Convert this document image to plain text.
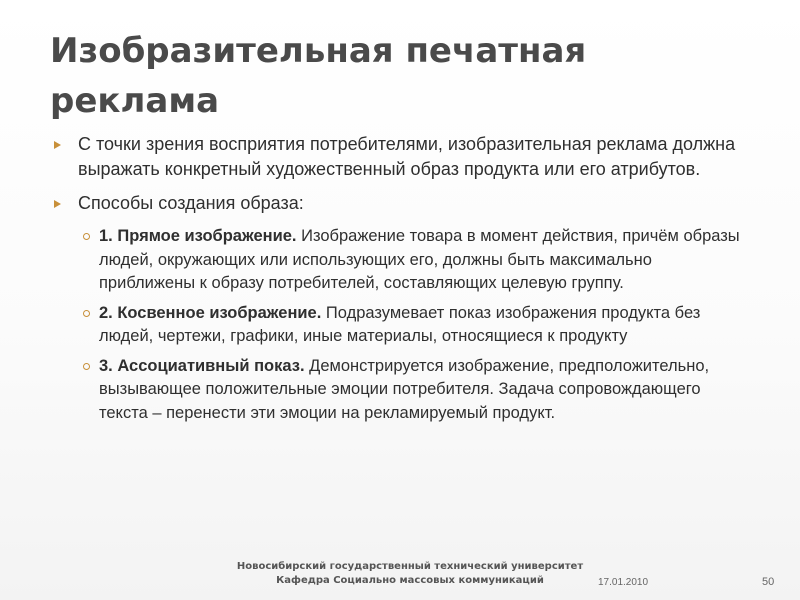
Изобразительная печатная реклама

С точки зрения восприятия потребителями, изобразительная реклама должна выражать конкретный художественный образ продукта или его атрибутов.

Способы создания образа:

1. Прямое изображение. Изображение товара в момент действия, причём образы людей, окружающих или использующих его, должны быть максимально приближены к образу потребителей, составляющих целевую группу.

2. Косвенное изображение. Подразумевает показ изображения продукта без людей, чертежи, графики, иные материалы, относящиеся к продукту

3. Ассоциативный показ. Демонстрируется изображение, предположительно, вызывающее положительные эмоции потребителя. Задача сопровождающего текста – перенести эти эмоции на рекламируемый продукт.

Новосибирский государственный технический университет
Кафедра Социально массовых коммуникаций	17.01.2010	50
